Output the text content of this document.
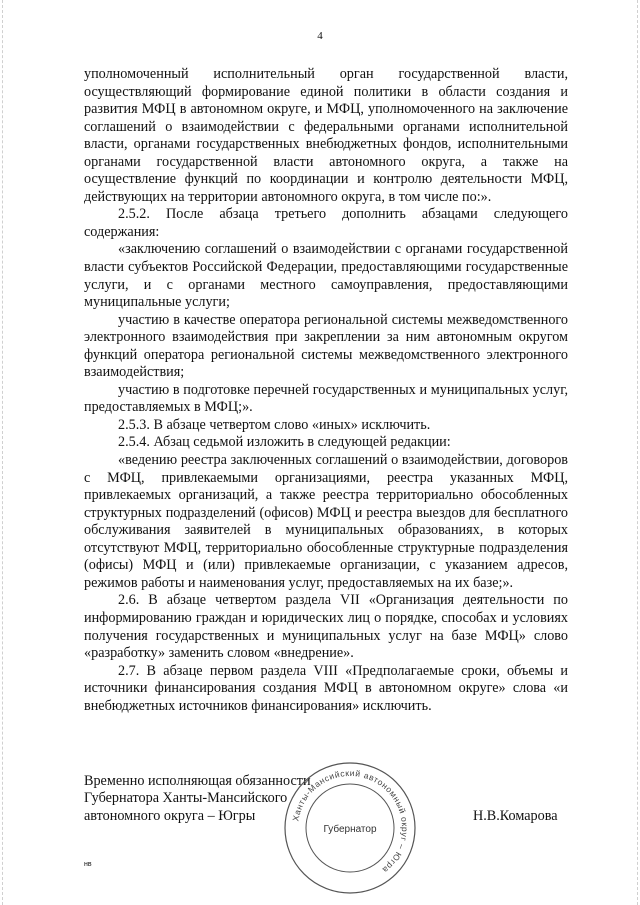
4

уполномоченный исполнительный орган государственной власти, осуществляющий формирование единой политики в области создания и развития МФЦ в автономном округе, и МФЦ, уполномоченного на заключение соглашений о взаимодействии с федеральными органами исполнительной власти, органами государственных внебюджетных фондов, исполнительными органами государственной власти автономного округа, а также на осуществление функций по координации и контролю деятельности МФЦ, действующих на территории автономного округа, в том числе по:».

2.5.2. После абзаца третьего дополнить абзацами следующего содержания:

«заключению соглашений о взаимодействии с органами государственной власти субъектов Российской Федерации, предоставляющими государственные услуги, и с органами местного самоуправления, предоставляющими муниципальные услуги;

участию в качестве оператора региональной системы межведомственного электронного взаимодействия при закреплении за ним автономным округом функций оператора региональной системы межведомственного электронного взаимодействия;

участию в подготовке перечней государственных и муниципальных услуг, предоставляемых в МФЦ;».

2.5.3. В абзаце четвертом слово «иных» исключить.

2.5.4. Абзац седьмой изложить в следующей редакции:

«ведению реестра заключенных соглашений о взаимодействии, договоров с МФЦ, привлекаемыми организациями, реестра указанных МФЦ, привлекаемых организаций, а также реестра территориально обособленных структурных подразделений (офисов) МФЦ и реестра выездов для бесплатного обслуживания заявителей в муниципальных образованиях, в которых отсутствуют МФЦ, территориально обособленные структурные подразделения (офисы) МФЦ и (или) привлекаемые организации, с указанием адресов, режимов работы и наименования услуг, предоставляемых на их базе;».

2.6. В абзаце четвертом раздела VII «Организация деятельности по информированию граждан и юридических лиц о порядке, способах и условиях получения государственных и муниципальных услуг на базе МФЦ» слово «разработку» заменить словом «внедрение».

2.7. В абзаце первом раздела VIII «Предполагаемые сроки, объемы и источники финансирования создания МФЦ в автономном округе» слова «и внебюджетных источников финансирования» исключить.

Временно исполняющая обязанности
Губернатора Ханты-Мансийского
автономного округа – Югры	Н.В.Комарова
Ханты-Мансийский автономный округ – Югра
Губернатор
нв
